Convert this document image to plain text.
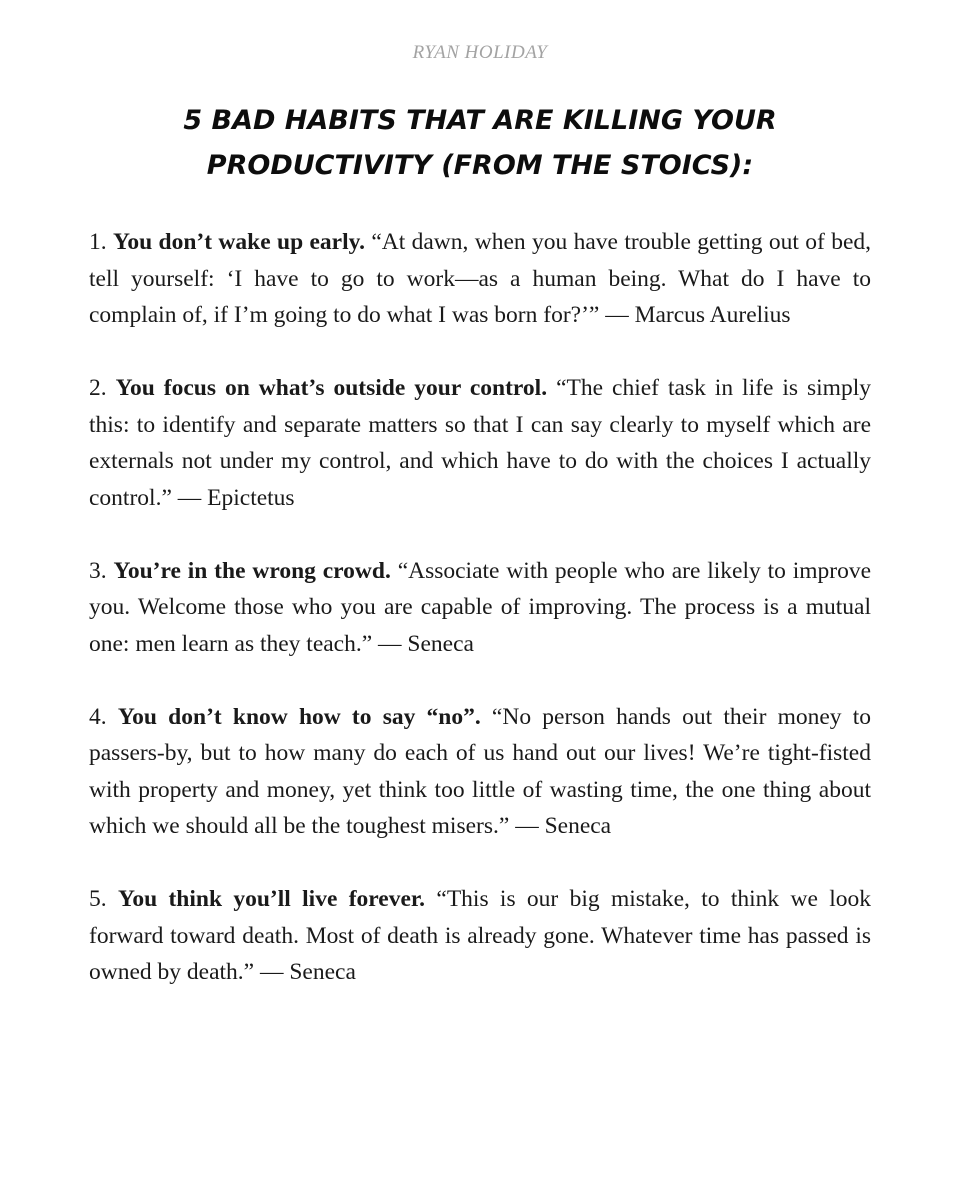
RYAN HOLIDAY
5 BAD HABITS THAT ARE KILLING YOUR PRODUCTIVITY (FROM THE STOICS):
1. You don’t wake up early. “At dawn, when you have trouble getting out of bed, tell yourself: ‘I have to go to work—as a human being. What do I have to complain of, if I’m going to do what I was born for?’” — Marcus Aurelius
2. You focus on what’s outside your control. “The chief task in life is simply this: to identify and separate matters so that I can say clearly to myself which are externals not under my control, and which have to do with the choices I actually control.” — Epictetus
3. You’re in the wrong crowd. “Associate with people who are likely to improve you. Welcome those who you are capable of improving. The process is a mutual one: men learn as they teach.” — Seneca
4. You don’t know how to say “no”. “No person hands out their money to passers-by, but to how many do each of us hand out our lives! We’re tight-fisted with property and money, yet think too little of wasting time, the one thing about which we should all be the toughest misers.” — Seneca
5. You think you’ll live forever. “This is our big mistake, to think we look forward toward death. Most of death is already gone. Whatever time has passed is owned by death.” — Seneca
